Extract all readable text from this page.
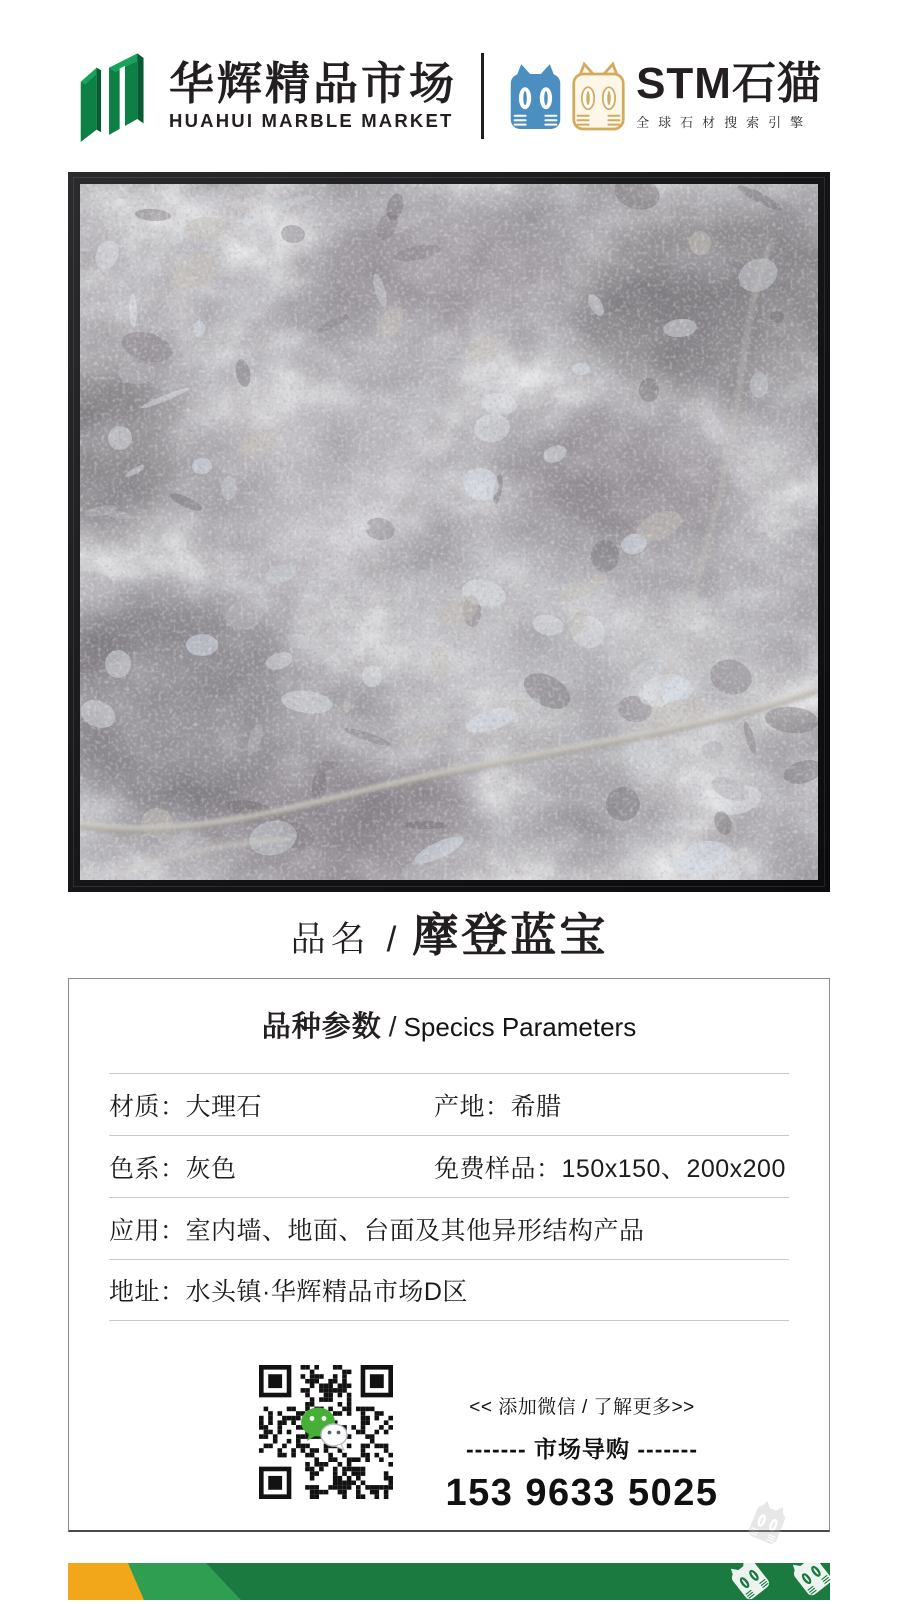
华辉精品市场
HUAHUI MARBLE MARKET
STM石猫
全球石材搜索引擎
品名 / 摩登蓝宝
品种参数 / Specics Parameters
材质：大理石	产地：希腊
色系：灰色	免费样品：150x150、200x200
应用：室内墙、地面、台面及其他异形结构产品
地址：水头镇·华辉精品市场D区
<< 添加微信 / 了解更多>>
------- 市场导购 -------
153 9633 5025
